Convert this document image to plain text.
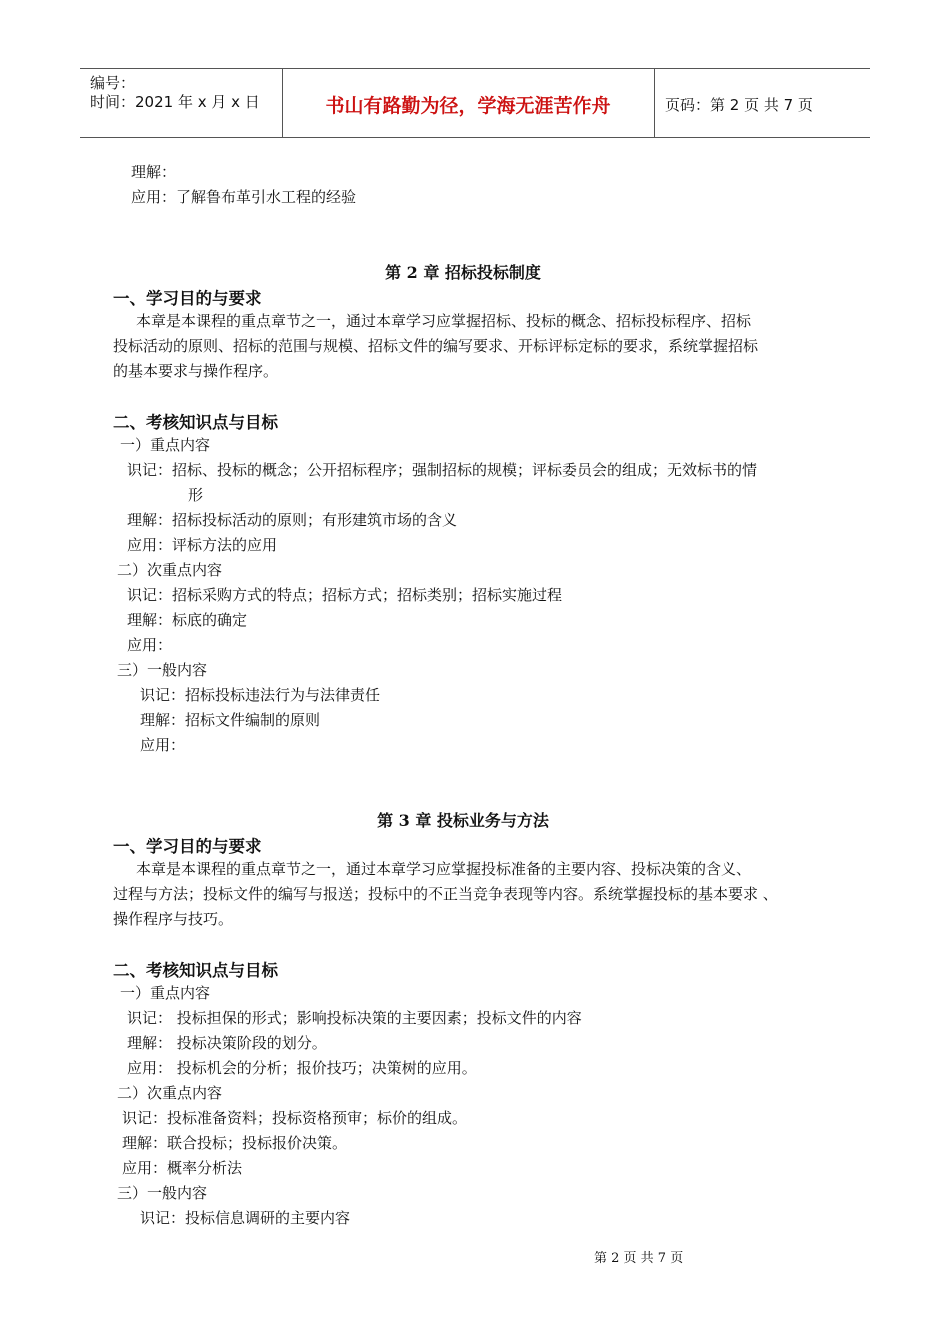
编号：
时间：2021 年 x 月 x 日	书山有路勤为径，学海无涯苦作舟	页码：第 2 页 共 7 页
理解：
应用：了解鲁布革引水工程的经验
第 2 章 招标投标制度
一、学习目的与要求

本章是本课程的重点章节之一，通过本章学习应掌握招标、投标的概念、招标投标程序、招标

投标活动的原则、招标的范围与规模、招标文件的编写要求、开标评标定标的要求，系统掌握招标

的基本要求与操作程序。

二、考核知识点与目标
一）重点内容
识记：招标、投标的概念；公开招标程序；强制招标的规模；评标委员会的组成；无效标书的情
形
理解：招标投标活动的原则；有形建筑市场的含义
应用：评标方法的应用
二）次重点内容
识记：招标采购方式的特点；招标方式；招标类别；招标实施过程
理解：标底的确定
应用：
三）一般内容
识记：招标投标违法行为与法律责任
理解：招标文件编制的原则
应用：
第 3 章 投标业务与方法
一、学习目的与要求

本章是本课程的重点章节之一，通过本章学习应掌握投标准备的主要内容、投标决策的含义、

过程与方法；投标文件的编写与报送；投标中的不正当竞争表现等内容。系统掌握投标的基本要求 、

操作程序与技巧。

二、考核知识点与目标
一）重点内容
识记： 投标担保的形式；影响投标决策的主要因素；投标文件的内容
理解： 投标决策阶段的划分。
应用： 投标机会的分析；报价技巧；决策树的应用。
二）次重点内容
识记：投标准备资料；投标资格预审；标价的组成。
理解：联合投标；投标报价决策。
应用：概率分析法
三）一般内容
识记：投标信息调研的主要内容
第 2 页 共 7 页
